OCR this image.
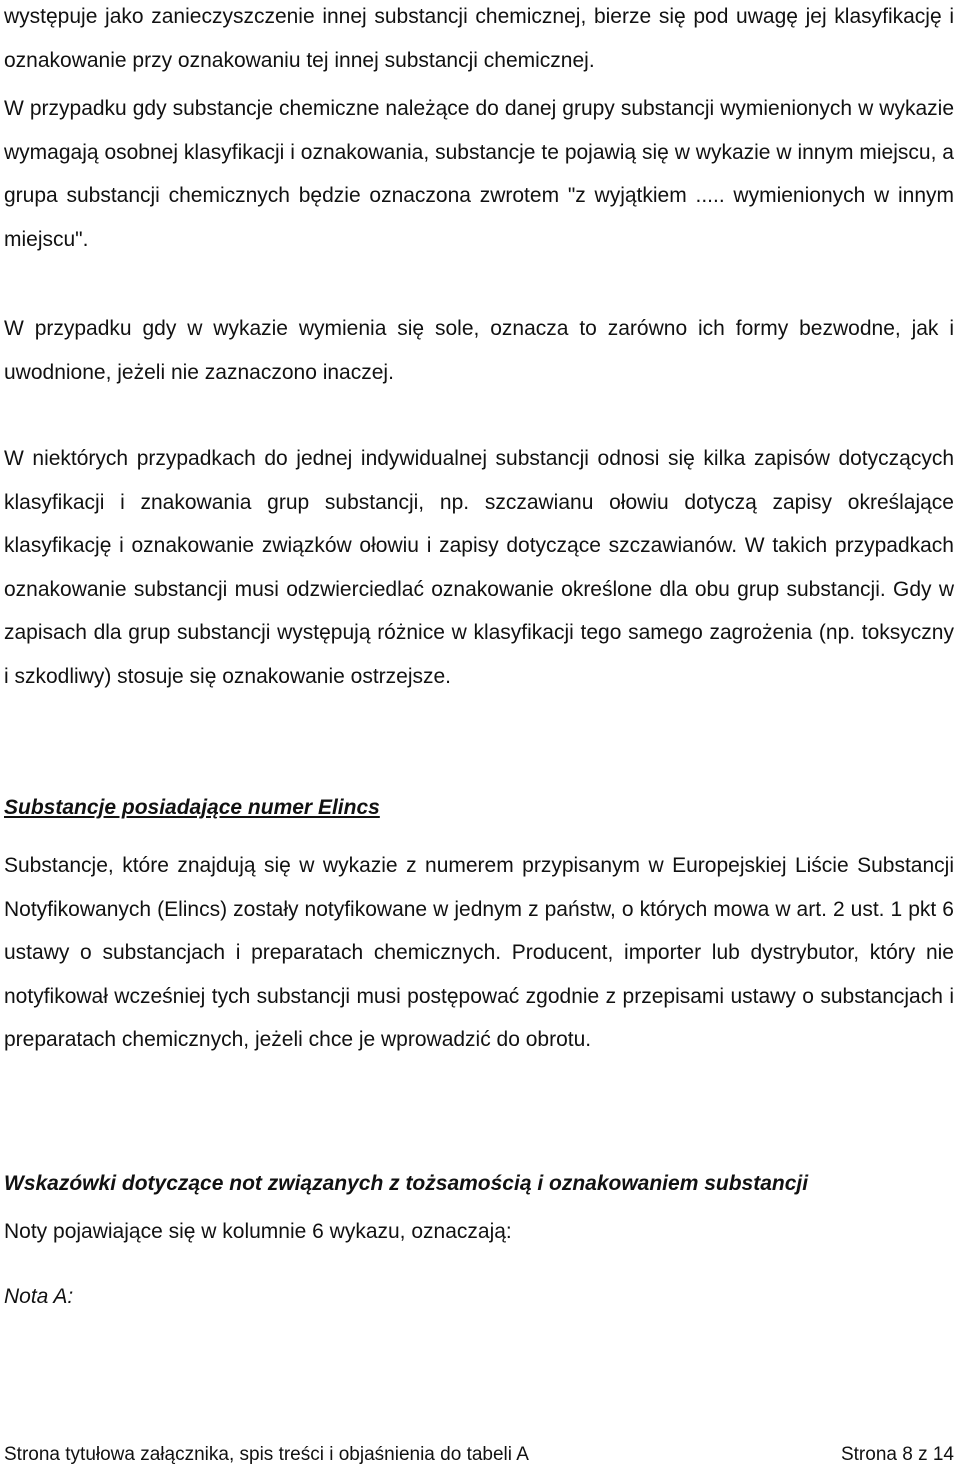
występuje jako zanieczyszczenie innej substancji chemicznej, bierze się pod uwagę jej klasyfikację i oznakowanie przy oznakowaniu tej innej substancji chemicznej.

W przypadku gdy substancje chemiczne należące do danej grupy substancji wymienionych w wykazie wymagają osobnej klasyfikacji i oznakowania, substancje te pojawią się w wykazie w innym miejscu, a grupa substancji chemicznych będzie oznaczona zwrotem "z wyjątkiem ..... wymienionych w innym miejscu".

W przypadku gdy w wykazie wymienia się sole, oznacza to zarówno ich formy bezwodne, jak i uwodnione, jeżeli nie zaznaczono inaczej.

W niektórych przypadkach do jednej indywidualnej substancji odnosi się kilka zapisów dotyczących klasyfikacji i znakowania grup substancji, np. szczawianu ołowiu dotyczą zapisy określające klasyfikację i oznakowanie związków ołowiu i zapisy dotyczące szczawianów. W takich przypadkach oznakowanie substancji musi odzwierciedlać oznakowanie określone dla obu grup substancji. Gdy w zapisach dla grup substancji występują różnice w klasyfikacji tego samego zagrożenia (np. toksyczny i szkodliwy) stosuje się oznakowanie ostrzejsze.

Substancje posiadające numer Elincs

Substancje, które znajdują się w wykazie z numerem przypisanym w Europejskiej Liście Substancji Notyfikowanych (Elincs) zostały notyfikowane w jednym z państw, o których mowa w art. 2 ust. 1 pkt 6 ustawy o substancjach i preparatach chemicznych. Producent, importer lub dystrybutor, który nie notyfikował wcześniej tych substancji musi postępować zgodnie z przepisami ustawy o substancjach i preparatach chemicznych, jeżeli chce je wprowadzić do obrotu.

Wskazówki dotyczące not związanych z tożsamością i oznakowaniem substancji

Noty pojawiające się w kolumnie 6 wykazu, oznaczają:

Nota A:

Strona tytułowa załącznika, spis treści i objaśnienia do tabeli A	Strona 8 z 14
